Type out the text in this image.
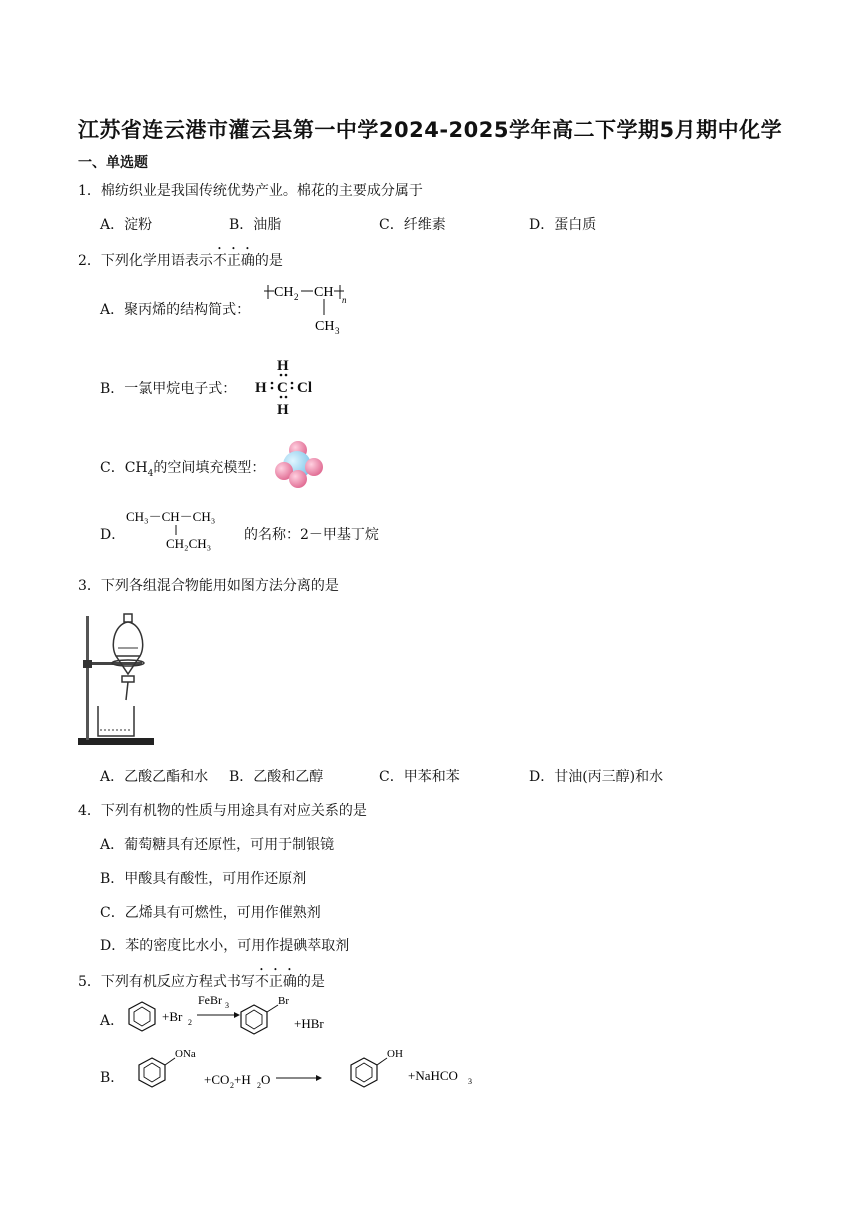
江苏省连云港市灌云县第一中学2024-2025学年高二下学期5月期中化学
一、单选题
1．棉纺织业是我国传统优势产业。棉花的主要成分属于
A．淀粉	B．油脂	C．纤维素	D．蛋白质
2．下列化学用语表示不正确的是
A．聚丙烯的结构简式：
CH 2 CH n
CH 3
B．一氯甲烷电子式：
H
H C Cl
H
C．$CH_4$的空间填充模型：
D．
CH₃－CH－CH₃
CH₂CH₃
的名称：2－甲基丁烷
3．下列各组混合物能用如图方法分离的是
A．乙酸乙酯和水 B．乙酸和乙醇	C．甲苯和苯	D．甘油(丙三醇)和水
4．下列有机物的性质与用途具有对应关系的是
A．葡萄糖具有还原性，可用于制银镜
B．甲酸具有酸性，可用作还原剂
C．乙烯具有可燃性，可用作催熟剂
D．苯的密度比水小，可用作提碘萃取剂
5．下列有机反应方程式书写不正确的是
A．	+Br 2
FeBr 3	Br
+HBr
B．
ONa
+CO 2 +H 2 O
OH
+NaHCO 3
